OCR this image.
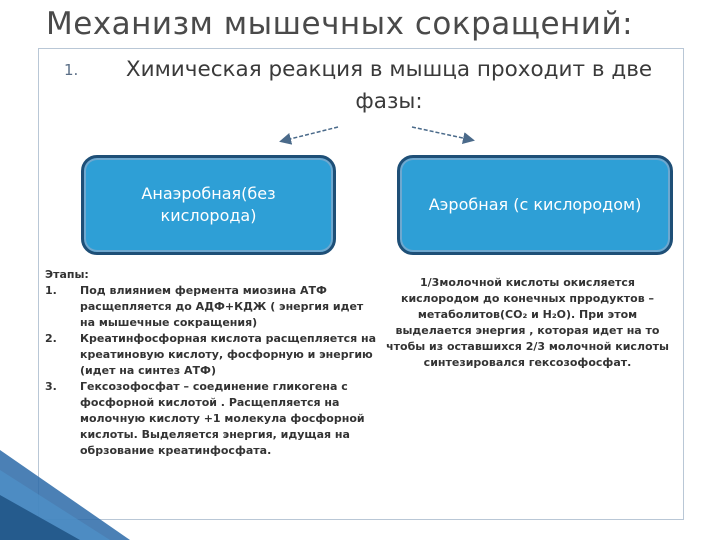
Механизм мышечных сокращений:
1.	Химическая реакция в мышца проходит в две фазы:
Анаэробная(без кислорода)
Аэробная (с кислородом)
Этапы:
1. Под влиянием фермента миозина АТФ расщепляется до АДФ+КДЖ ( энергия идет на мышечные сокращения)
2. Креатинфосфорная кислота расщепляется на креатиновую кислоту, фосфорную и энергию (идет на синтез АТФ)
3. Гексозофосфат – соединение гликогена с фосфорной кислотой . Расщепляется на молочную кислоту +1 молекула фосфорной кислоты. Выделяется энергия, идущая на обрзование креатинфосфата.
1/3молочной кислоты окисляется кислородом до конечных прродуктов – метаболитов(CO₂ и H₂O). При этом выделается энергия , которая идет на то чтобы из оставшихся 2/3 молочной кислоты синтезировался гексозофосфат.
